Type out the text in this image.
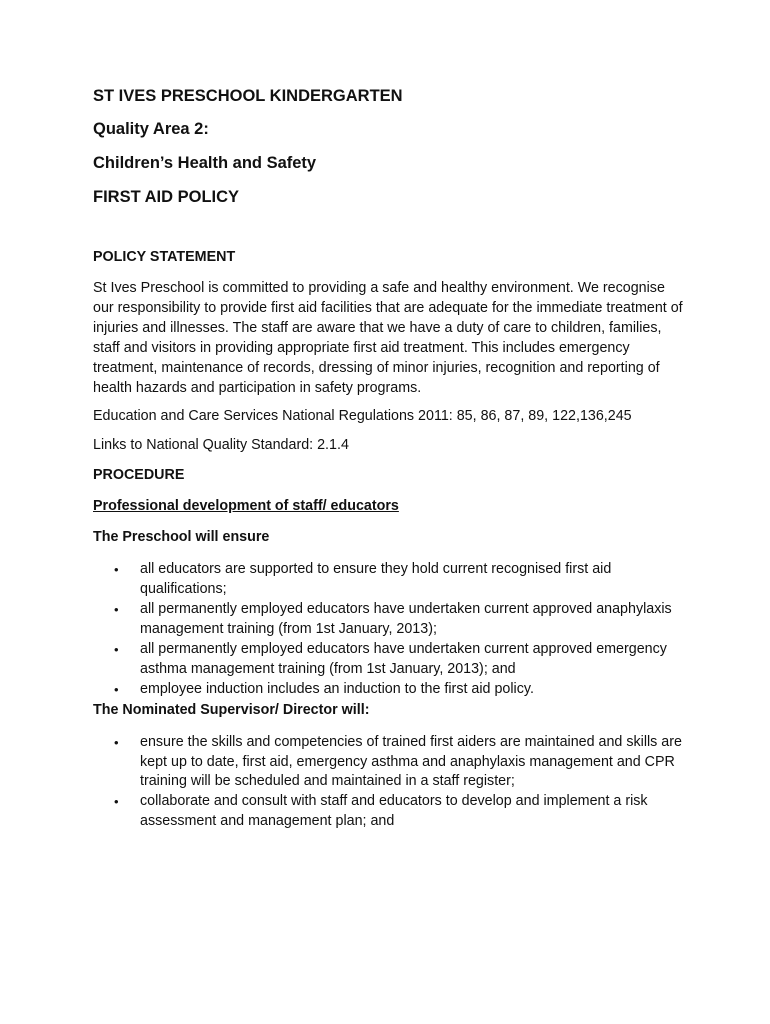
ST IVES PRESCHOOL KINDERGARTEN
Quality Area 2:
Children’s Health and Safety
FIRST AID POLICY
POLICY STATEMENT

St Ives Preschool is committed to providing a safe and healthy environment. We recognise our responsibility to provide first aid facilities that are adequate for the immediate treatment of injuries and illnesses. The staff are aware that we have a duty of care to children, families, staff and visitors in providing appropriate first aid treatment. This includes emergency treatment, maintenance of records, dressing of minor injuries, recognition and reporting of health hazards and participation in safety programs.

Education and Care Services National Regulations 2011: 85, 86, 87, 89, 122,136,245

Links to National Quality Standard: 2.1.4

PROCEDURE
Professional development of staff/ educators
The Preschool will ensure
• all educators are supported to ensure they hold current recognised first aid qualifications;
• all permanently employed educators have undertaken current approved anaphylaxis management training (from 1st January, 2013);
• all permanently employed educators have undertaken current approved emergency asthma management training (from 1st January, 2013); and
• employee induction includes an induction to the first aid policy.
The Nominated Supervisor/ Director will:
• ensure the skills and competencies of trained first aiders are maintained and skills are kept up to date, first aid, emergency asthma and anaphylaxis management and CPR training will be scheduled and maintained in a staff register;
• collaborate and consult with staff and educators to develop and implement a risk assessment and management plan; and
